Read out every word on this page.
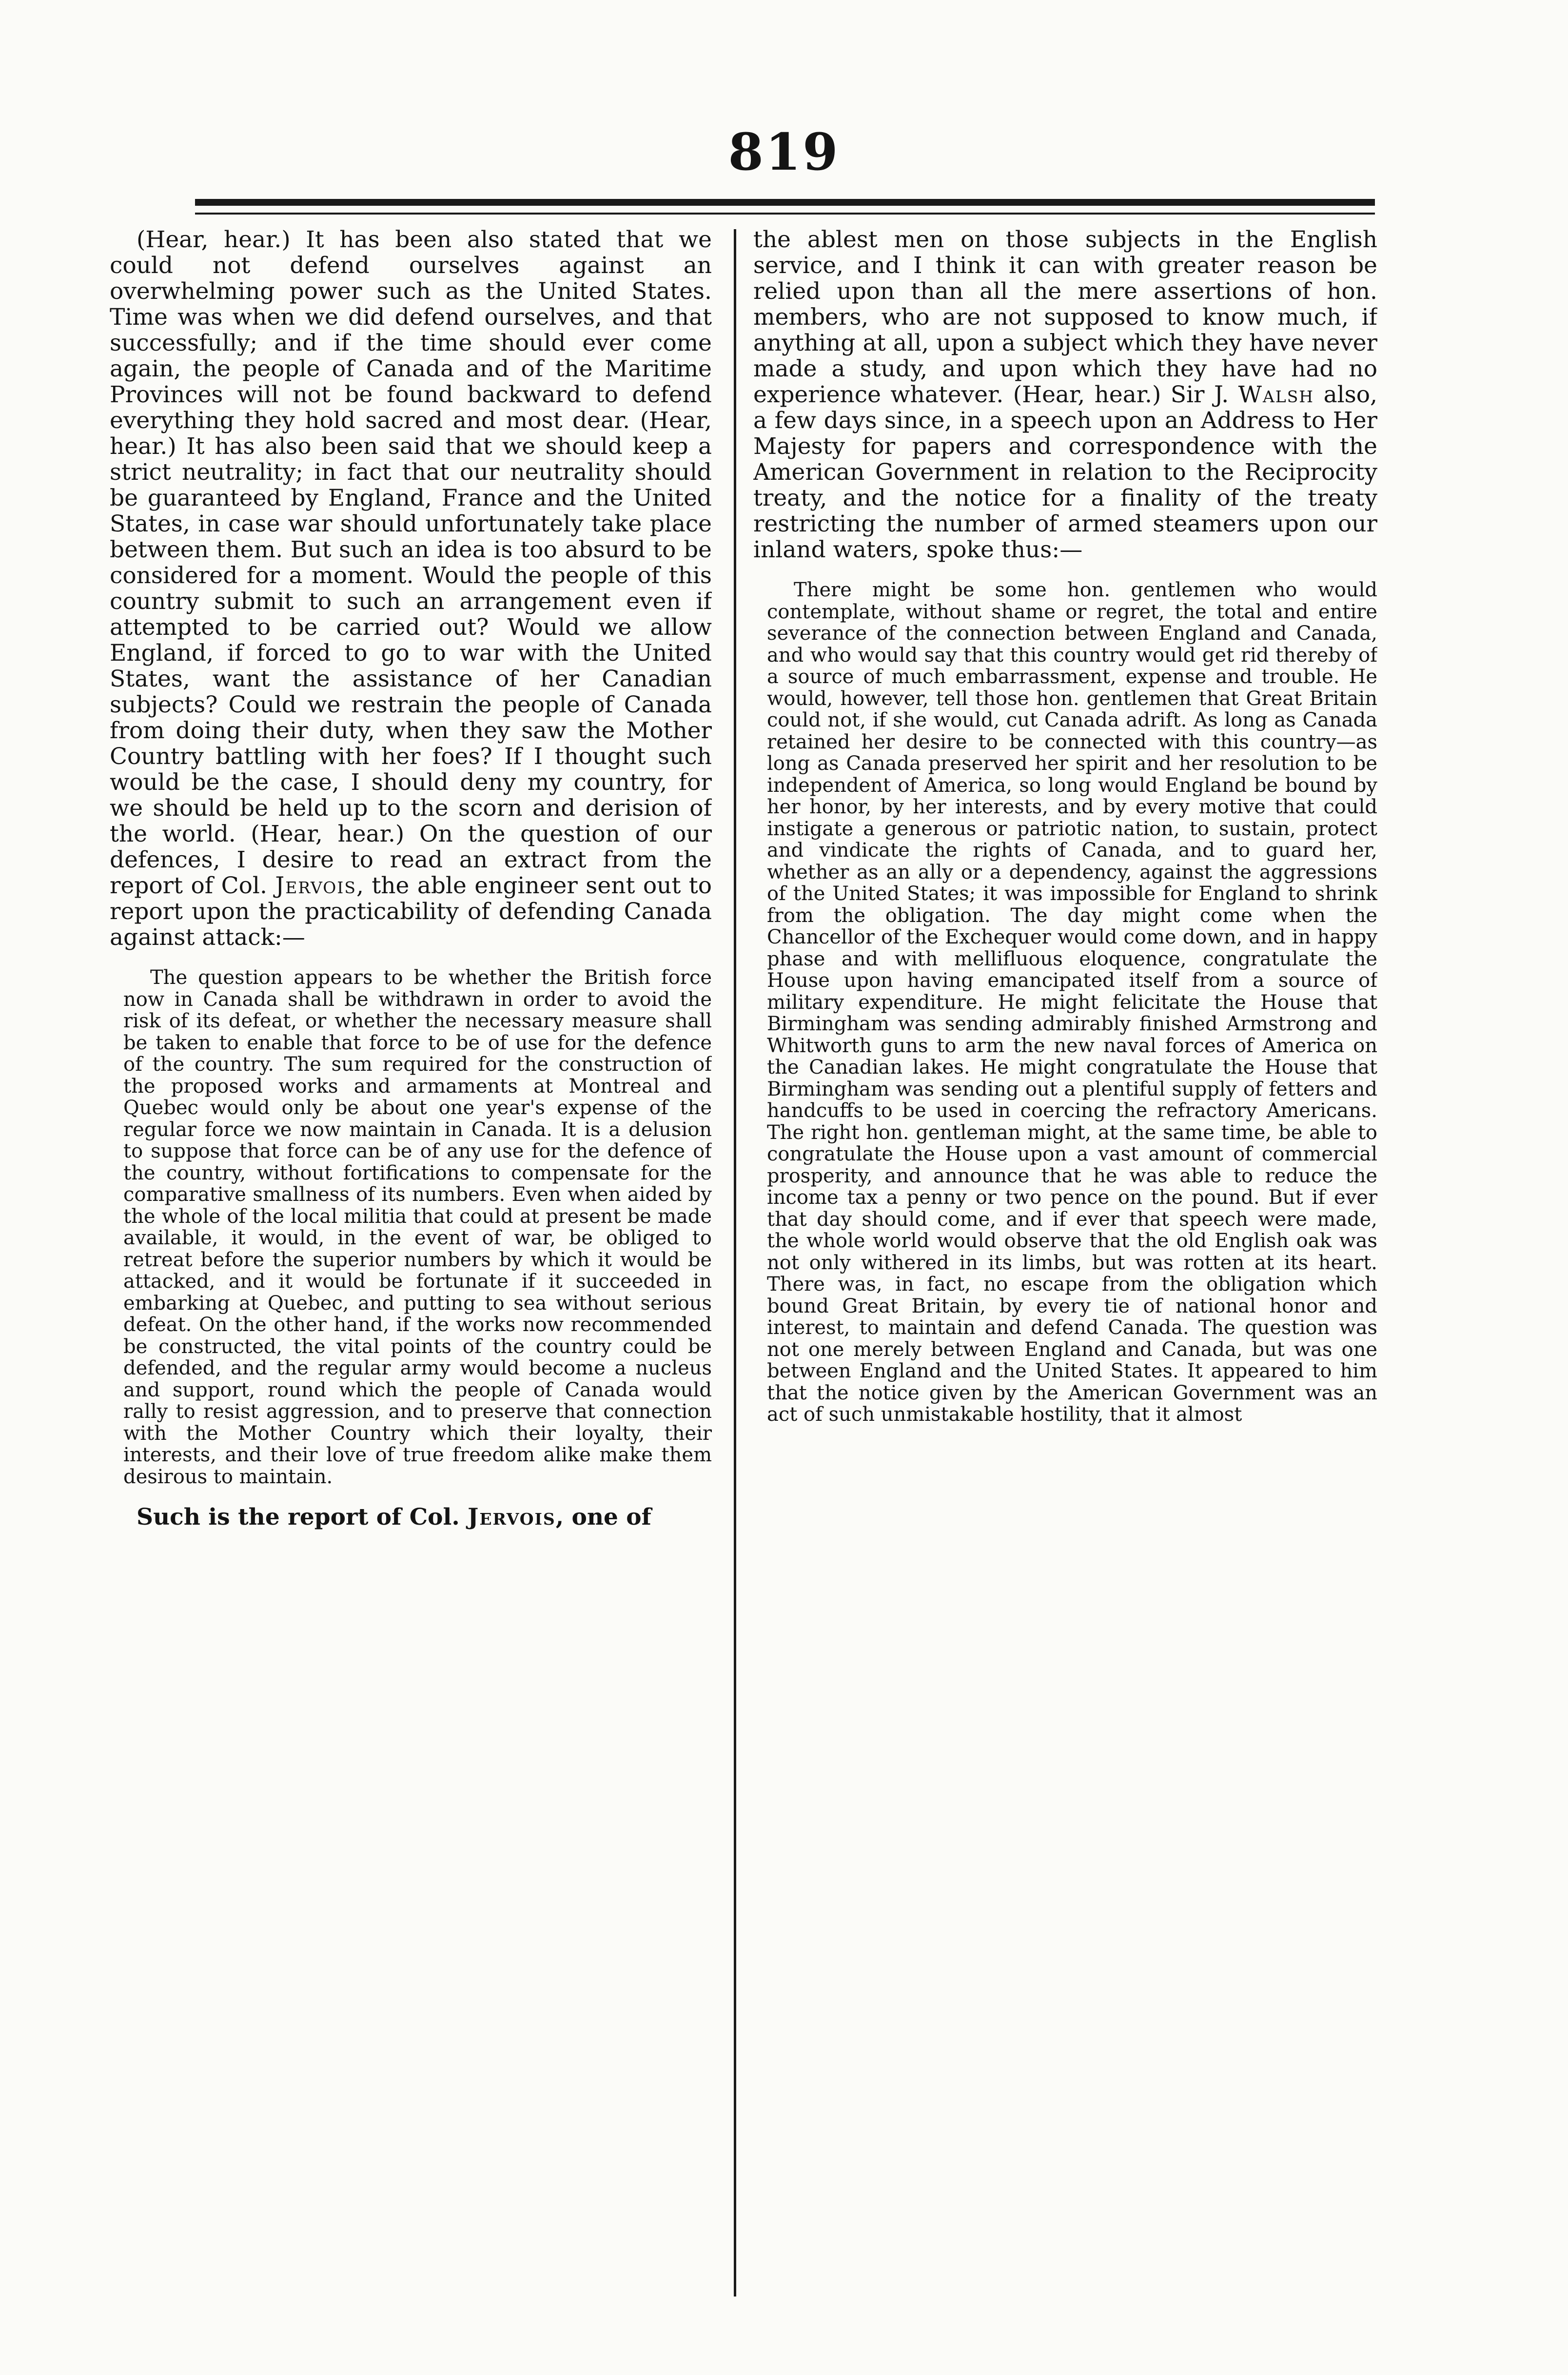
819

(Hear, hear.) It has been also stated that we could not defend ourselves against an overwhelming power such as the United States. Time was when we did defend ourselves, and that successfully; and if the time should ever come again, the people of Canada and of the Maritime Provinces will not be found backward to defend everything they hold sacred and most dear. (Hear, hear.) It has also been said that we should keep a strict neutrality; in fact that our neutrality should be guaranteed by England, France and the United States, in case war should unfortunately take place between them. But such an idea is too absurd to be considered for a moment. Would the people of this country submit to such an arrangement even if attempted to be carried out? Would we allow England, if forced to go to war with the United States, want the assistance of her Canadian subjects? Could we restrain the people of Canada from doing their duty, when they saw the Mother Country battling with her foes? If I thought such would be the case, I should deny my country, for we should be held up to the scorn and derision of the world. (Hear, hear.) On the question of our defences, I desire to read an extract from the report of Col. Jervois, the able engineer sent out to report upon the practicability of defending Canada against attack:—

The question appears to be whether the British force now in Canada shall be withdrawn in order to avoid the risk of its defeat, or whether the necessary measure shall be taken to enable that force to be of use for the defence of the country. The sum required for the construction of the proposed works and armaments at Montreal and Quebec would only be about one year's expense of the regular force we now maintain in Canada. It is a delusion to suppose that force can be of any use for the defence of the country, without fortifications to compensate for the comparative smallness of its numbers. Even when aided by the whole of the local militia that could at present be made available, it would, in the event of war, be obliged to retreat before the superior numbers by which it would be attacked, and it would be fortunate if it succeeded in embarking at Quebec, and putting to sea without serious defeat. On the other hand, if the works now recommended be constructed, the vital points of the country could be defended, and the regular army would become a nucleus and support, round which the people of Canada would rally to resist aggression, and to preserve that connection with the Mother Country which their loyalty, their interests, and their love of true freedom alike make them desirous to maintain.

Such is the report of Col. Jervois, one of

the ablest men on those subjects in the English service, and I think it can with greater reason be relied upon than all the mere assertions of hon. members, who are not supposed to know much, if anything at all, upon a subject which they have never made a study, and upon which they have had no experience whatever. (Hear, hear.) Sir J. Walsh also, a few days since, in a speech upon an Address to Her Majesty for papers and correspondence with the American Government in relation to the Reciprocity treaty, and the notice for a finality of the treaty restricting the number of armed steamers upon our inland waters, spoke thus:—

There might be some hon. gentlemen who would contemplate, without shame or regret, the total and entire severance of the connection between England and Canada, and who would say that this country would get rid thereby of a source of much embarrassment, expense and trouble. He would, however, tell those hon. gentlemen that Great Britain could not, if she would, cut Canada adrift. As long as Canada retained her desire to be connected with this country—as long as Canada preserved her spirit and her resolution to be independent of America, so long would England be bound by her honor, by her interests, and by every motive that could instigate a generous or patriotic nation, to sustain, protect and vindicate the rights of Canada, and to guard her, whether as an ally or a dependency, against the aggressions of the United States; it was impossible for England to shrink from the obligation. The day might come when the Chancellor of the Exchequer would come down, and in happy phase and with mellifluous eloquence, congratulate the House upon having emancipated itself from a source of military expenditure. He might felicitate the House that Birmingham was sending admirably finished Armstrong and Whitworth guns to arm the new naval forces of America on the Canadian lakes. He might congratulate the House that Birmingham was sending out a plentiful supply of fetters and handcuffs to be used in coercing the refractory Americans. The right hon. gentleman might, at the same time, be able to congratulate the House upon a vast amount of commercial prosperity, and announce that he was able to reduce the income tax a penny or two pence on the pound. But if ever that day should come, and if ever that speech were made, the whole world would observe that the old English oak was not only withered in its limbs, but was rotten at its heart. There was, in fact, no escape from the obligation which bound Great Britain, by every tie of national honor and interest, to maintain and defend Canada. The question was not one merely between England and Canada, but was one between England and the United States. It appeared to him that the notice given by the American Government was an act of such unmistakable hostility, that it almost
